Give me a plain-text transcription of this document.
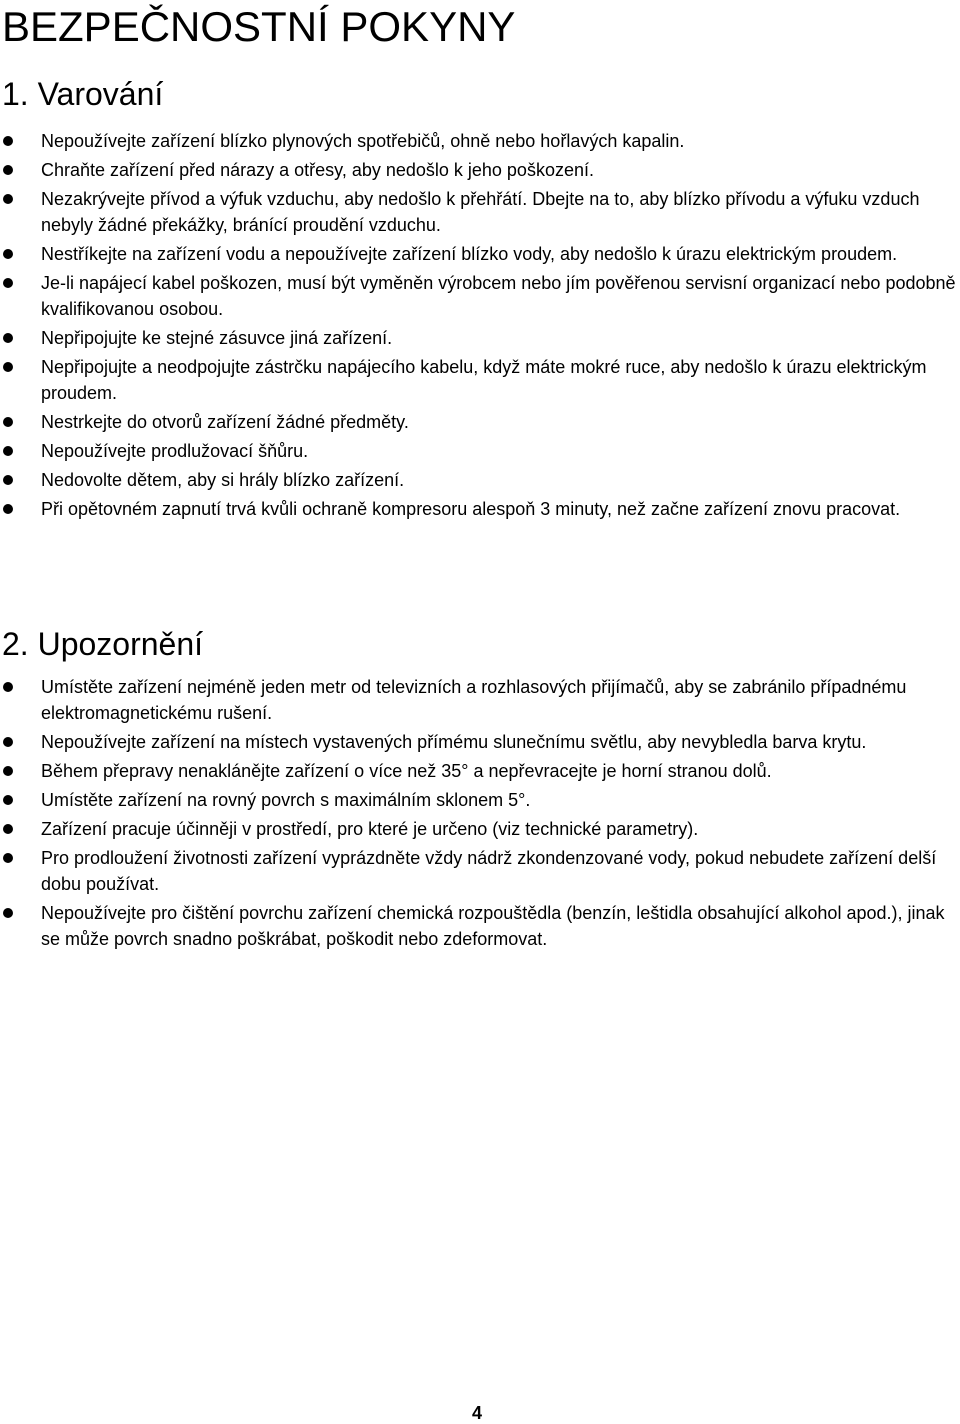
BEZPEČNOSTNÍ POKYNY
1. Varování
Nepoužívejte zařízení blízko plynových spotřebičů, ohně nebo hořlavých kapalin.
Chraňte zařízení před nárazy a otřesy, aby nedošlo k jeho poškození.
Nezakrývejte přívod a výfuk vzduchu, aby nedošlo k přehřátí. Dbejte na to, aby blízko přívodu a výfuku vzduch nebyly žádné překážky, bránící proudění vzduchu.
Nestříkejte na zařízení vodu a nepoužívejte zařízení blízko vody, aby nedošlo k úrazu elektrickým proudem.
Je-li napájecí kabel poškozen, musí být vyměněn výrobcem nebo jím pověřenou servisní organizací nebo podobně kvalifikovanou osobou.
Nepřipojujte ke stejné zásuvce jiná zařízení.
Nepřipojujte a neodpojujte zástrčku napájecího kabelu, když máte mokré ruce, aby nedošlo k úrazu elektrickým proudem.
Nestrkejte do otvorů zařízení žádné předměty.
Nepoužívejte prodlužovací šňůru.
Nedovolte dětem, aby si hrály blízko zařízení.
Při opětovném zapnutí trvá kvůli ochraně kompresoru alespoň 3 minuty, než začne zařízení znovu pracovat.
2. Upozornění
Umístěte zařízení nejméně jeden metr od televizních a rozhlasových přijímačů, aby se zabránilo případnému elektromagnetickému rušení.
Nepoužívejte zařízení na místech vystavených přímému slunečnímu světlu, aby nevybledla barva krytu.
Během přepravy nenaklánějte zařízení o více než 35° a nepřevracejte je horní stranou dolů.
Umístěte zařízení na rovný povrch s maximálním sklonem 5°.
Zařízení pracuje účinněji v prostředí, pro které je určeno (viz technické parametry).
Pro prodloužení životnosti zařízení vyprázdněte vždy nádrž zkondenzované vody, pokud nebudete zařízení delší dobu používat.
Nepoužívejte pro čištění povrchu zařízení chemická rozpouštědla (benzín, leštidla obsahující alkohol apod.), jinak se může povrch snadno poškrábat, poškodit nebo zdeformovat.
4
